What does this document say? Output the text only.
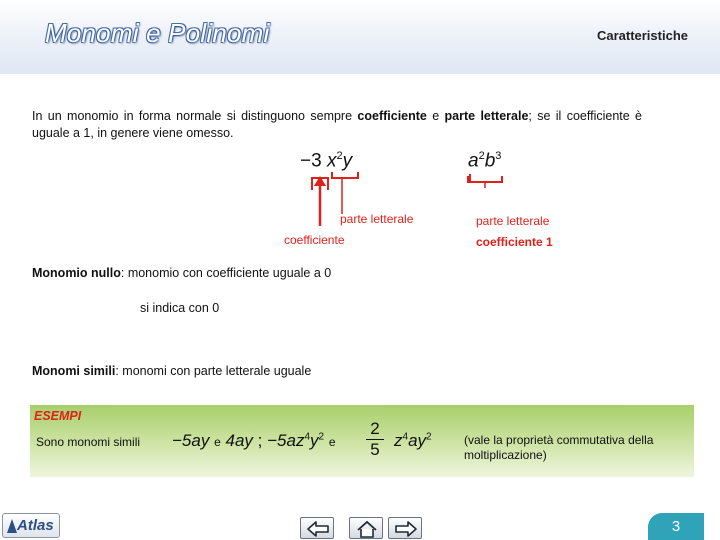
Monomi e Polinomi	Caratteristiche
In un monomio in forma normale si distinguono sempre coefficiente e parte letterale; se il coefficiente è uguale a 1, in genere viene omesso.
−3 $x^2y$	$a^2b^3$
parte letterale
coefficiente
parte letterale
coefficiente 1
Monomio nullo: monomio con coefficiente uguale a 0
si indica con 0
Monomi simili: monomi con parte letterale uguale
ESEMPI
Sono monomi simili −5ay e 4ay ; $-5az^4y^2$ e $\frac{2}{5} z^4ay^2$	(vale la proprietà commutativa della moltiplicazione)
Atlas	3
